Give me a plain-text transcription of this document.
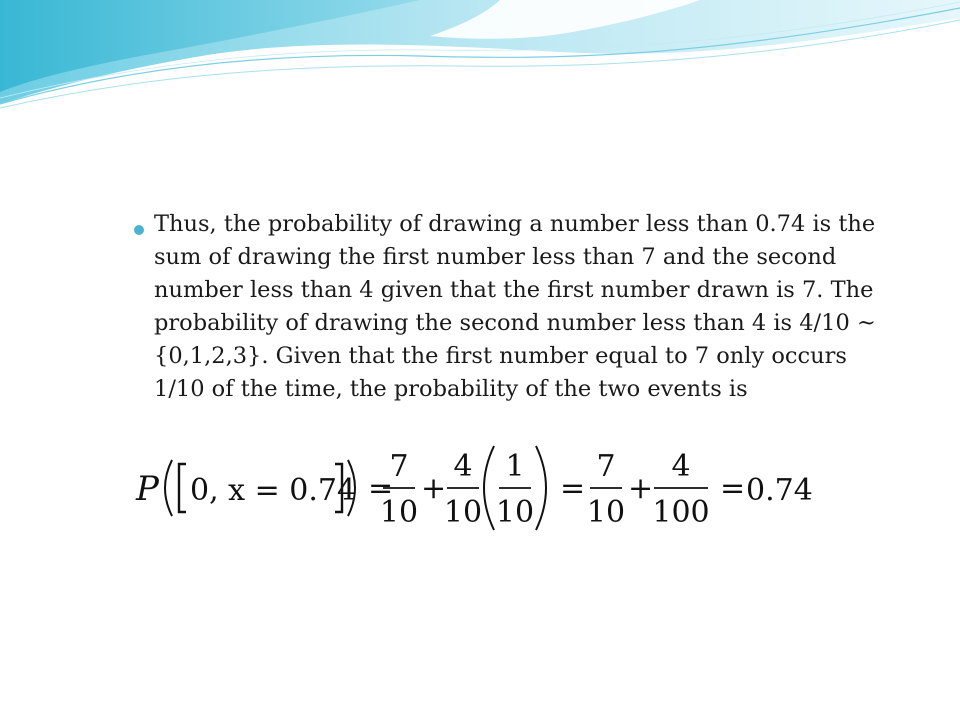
Thus, the probability of drawing a number less than 0.74 is the
sum of drawing the first number less than 7 and the second
number less than 4 given that the first number drawn is 7. The
probability of drawing the second number less than 4 is 4/10 ~
{0,1,2,3}. Given that the first number equal to 7 only occurs
1/10 of the time, the probability of the two events is

P 0, x = 0.74 =
7
10
+
4
10
1
10
=
7
10
+
4
100
= 0.74
